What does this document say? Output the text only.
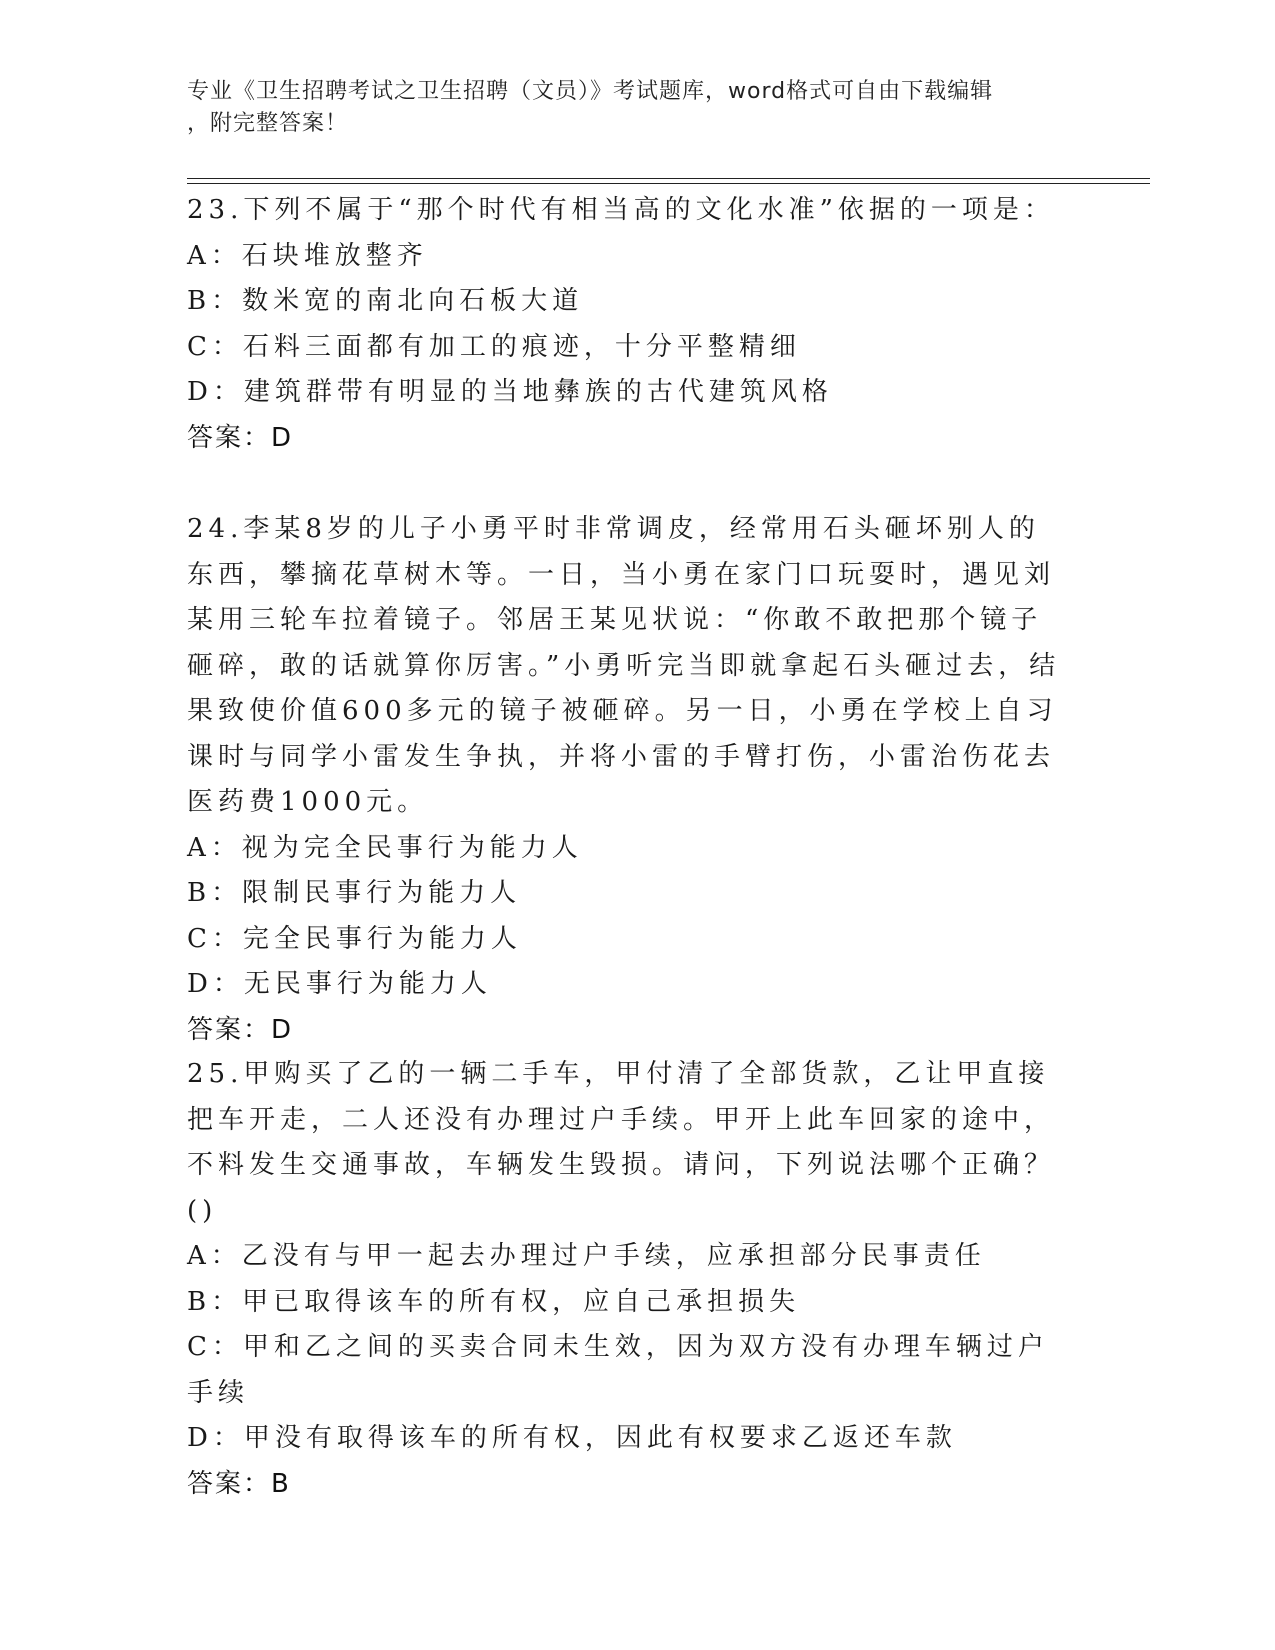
专业《卫生招聘考试之卫生招聘（文员）》考试题库，word格式可自由下载编辑
，附完整答案！
23.下列不属于“那个时代有相当高的文化水准”依据的一项是：
A：石块堆放整齐
B：数米宽的南北向石板大道
C：石料三面都有加工的痕迹，十分平整精细
D：建筑群带有明显的当地彝族的古代建筑风格
答案：D
24.李某8岁的儿子小勇平时非常调皮，经常用石头砸坏别人的东西，攀摘花草树木等。一日，当小勇在家门口玩耍时，遇见刘某用三轮车拉着镜子。邻居王某见状说：“你敢不敢把那个镜子砸碎，敢的话就算你厉害。”小勇听完当即就拿起石头砸过去，结果致使价值600多元的镜子被砸碎。另一日，小勇在学校上自习课时与同学小雷发生争执，并将小雷的手臂打伤，小雷治伤花去医药费1000元。
A：视为完全民事行为能力人
B：限制民事行为能力人
C：完全民事行为能力人
D：无民事行为能力人
答案：D
25.甲购买了乙的一辆二手车，甲付清了全部货款，乙让甲直接把车开走，二人还没有办理过户手续。甲开上此车回家的途中，不料发生交通事故，车辆发生毁损。请问，下列说法哪个正确？()
A：乙没有与甲一起去办理过户手续，应承担部分民事责任
B：甲已取得该车的所有权，应自己承担损失
C：甲和乙之间的买卖合同未生效，因为双方没有办理车辆过户手续
D：甲没有取得该车的所有权，因此有权要求乙返还车款
答案：B
